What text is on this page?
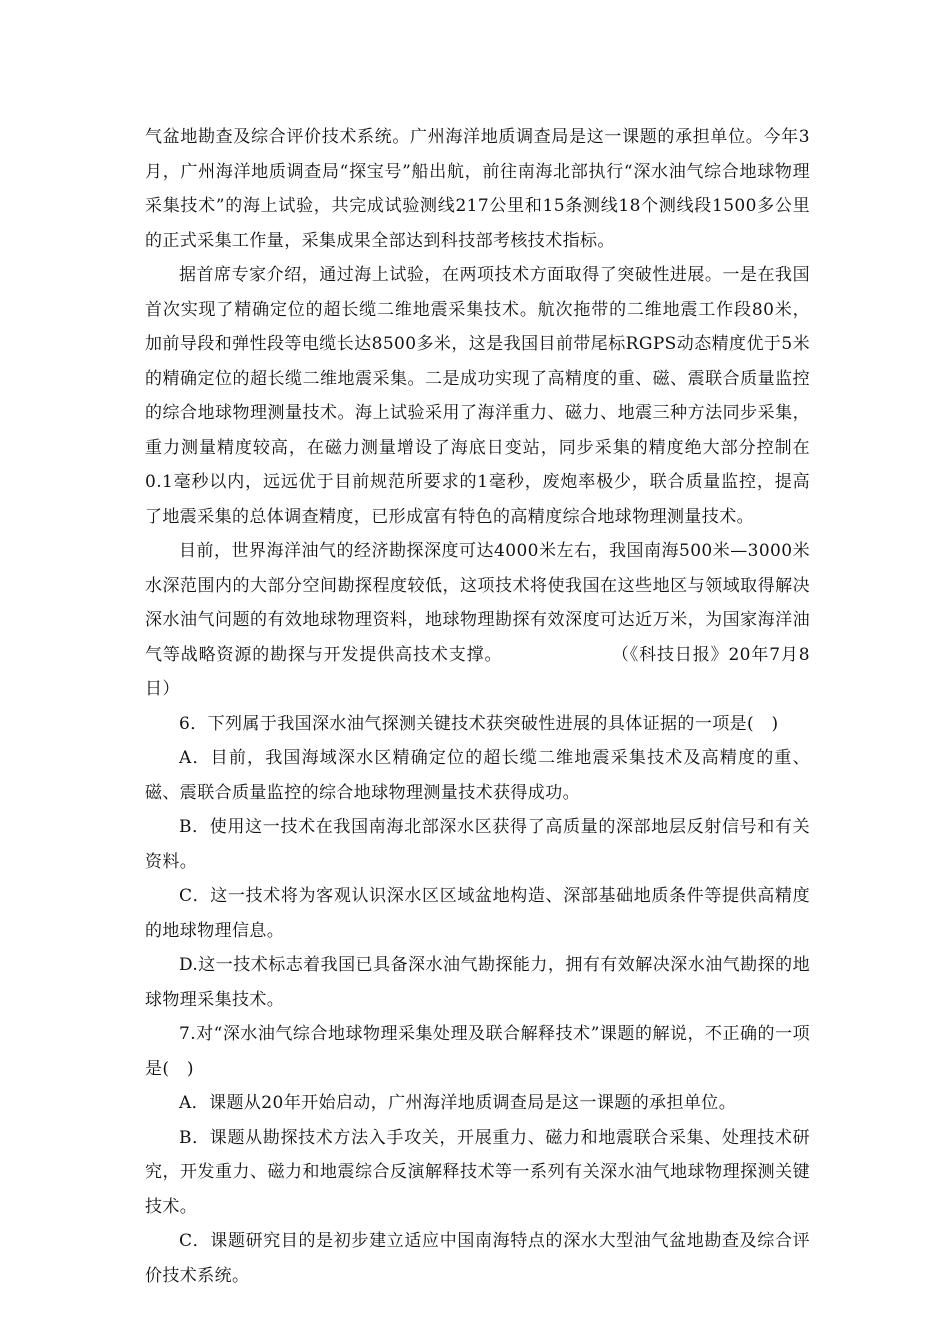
气盆地勘查及综合评价技术系统。广州海洋地质调查局是这一课题的承担单位。今年3月，广州海洋地质调查局“探宝号”船出航，前往南海北部执行“深水油气综合地球物理采集技术”的海上试验，共完成试验测线217公里和15条测线18个测线段1500多公里的正式采集工作量，采集成果全部达到科技部考核技术指标。

据首席专家介绍，通过海上试验，在两项技术方面取得了突破性进展。一是在我国首次实现了精确定位的超长缆二维地震采集技术。航次拖带的二维地震工作段80米，加前导段和弹性段等电缆长达8500多米，这是我国目前带尾标RGPS动态精度优于5米的精确定位的超长缆二维地震采集。二是成功实现了高精度的重、磁、震联合质量监控的综合地球物理测量技术。海上试验采用了海洋重力、磁力、地震三种方法同步采集，重力测量精度较高，在磁力测量增设了海底日变站，同步采集的精度绝大部分控制在0.1毫秒以内，远远优于目前规范所要求的1毫秒，废炮率极少，联合质量监控，提高了地震采集的总体调查精度，已形成富有特色的高精度综合地球物理测量技术。

目前，世界海洋油气的经济勘探深度可达4000米左右，我国南海500米—3000米水深范围内的大部分空间勘探程度较低，这项技术将使我国在这些地区与领域取得解决深水油气问题的有效地球物理资料，地球物理勘探有效深度可达近万米，为国家海洋油气等战略资源的勘探与开发提供高技术支撑。	（《科技日报》20年7月8日）

6．下列属于我国深水油气探测关键技术获突破性进展的具体证据的一项是(　)

A．目前，我国海域深水区精确定位的超长缆二维地震采集技术及高精度的重、磁、震联合质量监控的综合地球物理测量技术获得成功。

B．使用这一技术在我国南海北部深水区获得了高质量的深部地层反射信号和有关资料。

C．这一技术将为客观认识深水区区域盆地构造、深部基础地质条件等提供高精度的地球物理信息。

D.这一技术标志着我国已具备深水油气勘探能力，拥有有效解决深水油气勘探的地球物理采集技术。

7.对“深水油气综合地球物理采集处理及联合解释技术”课题的解说，不正确的一项是(　)

A．课题从20年开始启动，广州海洋地质调查局是这一课题的承担单位。

B．课题从勘探技术方法入手攻关，开展重力、磁力和地震联合采集、处理技术研究，开发重力、磁力和地震综合反演解释技术等一系列有关深水油气地球物理探测关键技术。

C．课题研究目的是初步建立适应中国南海特点的深水大型油气盆地勘查及综合评价技术系统。
